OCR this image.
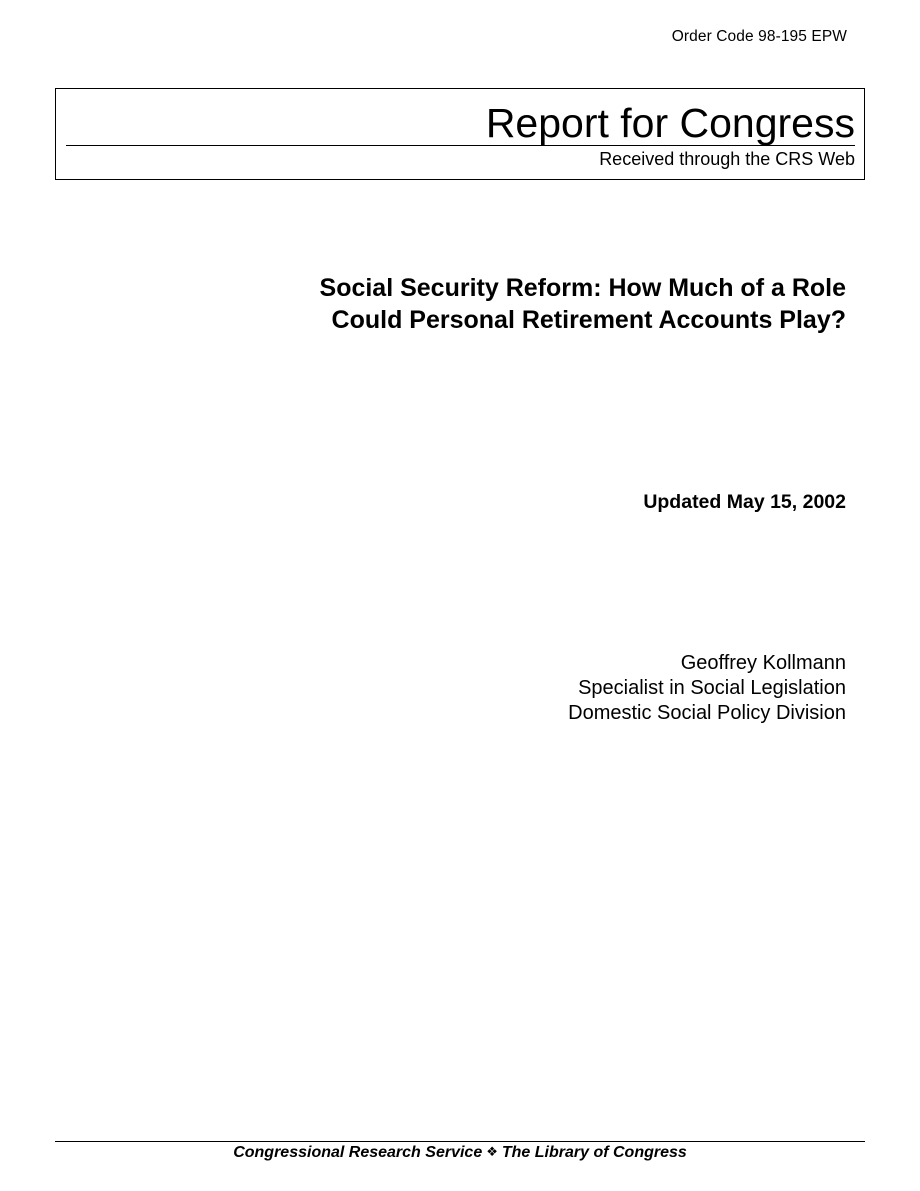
Order Code 98-195 EPW
Report for Congress
Received through the CRS Web
Social Security Reform: How Much of a Role
Could Personal Retirement Accounts Play?
Updated May 15, 2002
Geoffrey Kollmann
Specialist in Social Legislation
Domestic Social Policy Division
Congressional Research Service ❖ The Library of Congress
